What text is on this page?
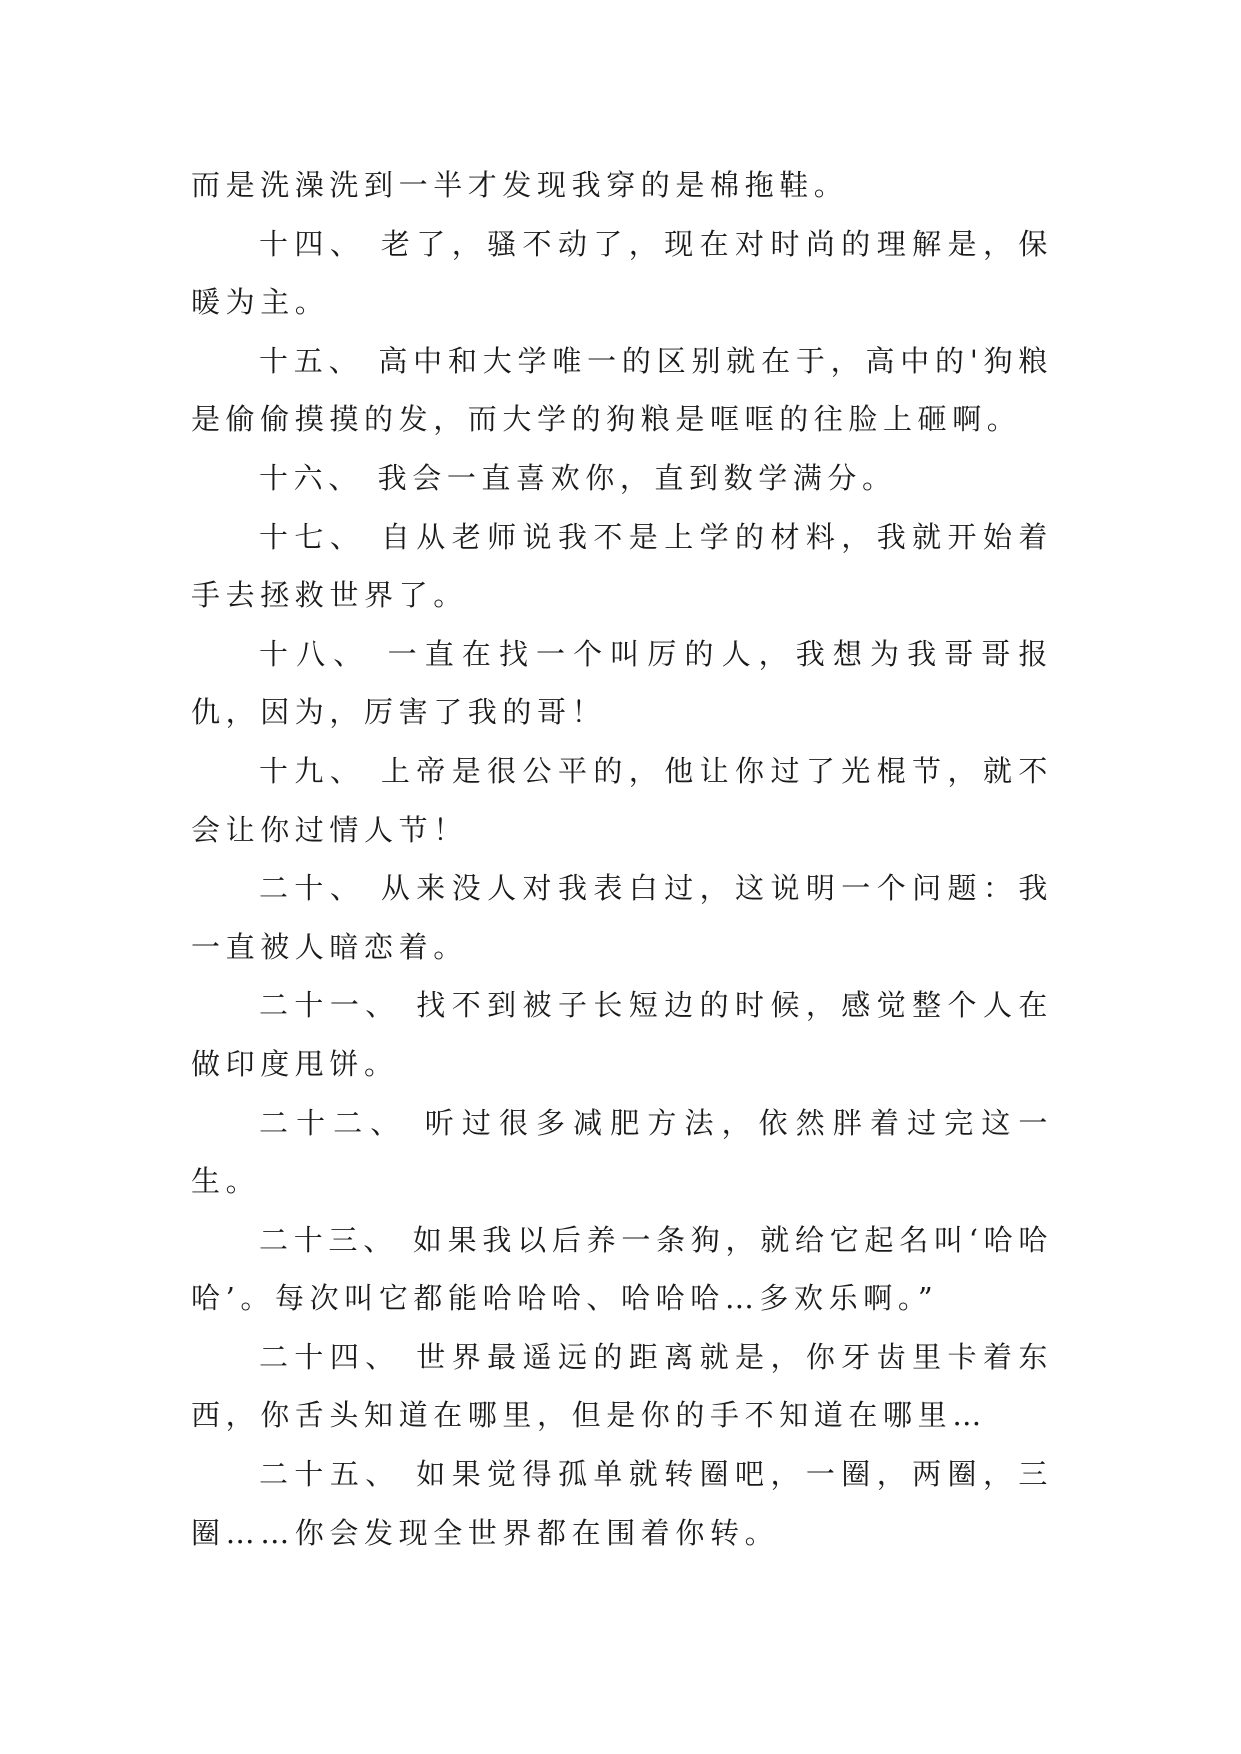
而是洗澡洗到一半才发现我穿的是棉拖鞋。

十四、 老了，骚不动了，现在对时尚的理解是，保暖为主。

十五、 高中和大学唯一的区别就在于，高中的'狗粮是偷偷摸摸的发，而大学的狗粮是哐哐的往脸上砸啊。

十六、 我会一直喜欢你，直到数学满分。

十七、 自从老师说我不是上学的材料，我就开始着手去拯救世界了。

十八、 一直在找一个叫厉的人，我想为我哥哥报仇，因为，厉害了我的哥！

十九、 上帝是很公平的，他让你过了光棍节，就不会让你过情人节！

二十、 从来没人对我表白过，这说明一个问题：我一直被人暗恋着。

二十一、 找不到被子长短边的时候，感觉整个人在做印度甩饼。

二十二、 听过很多减肥方法，依然胖着过完这一生。

二十三、 如果我以后养一条狗，就给它起名叫‘哈哈哈’。每次叫它都能哈哈哈、哈哈哈…多欢乐啊。”

二十四、 世界最遥远的距离就是，你牙齿里卡着东西，你舌头知道在哪里，但是你的手不知道在哪里…

二十五、 如果觉得孤单就转圈吧，一圈，两圈，三圈……你会发现全世界都在围着你转。
